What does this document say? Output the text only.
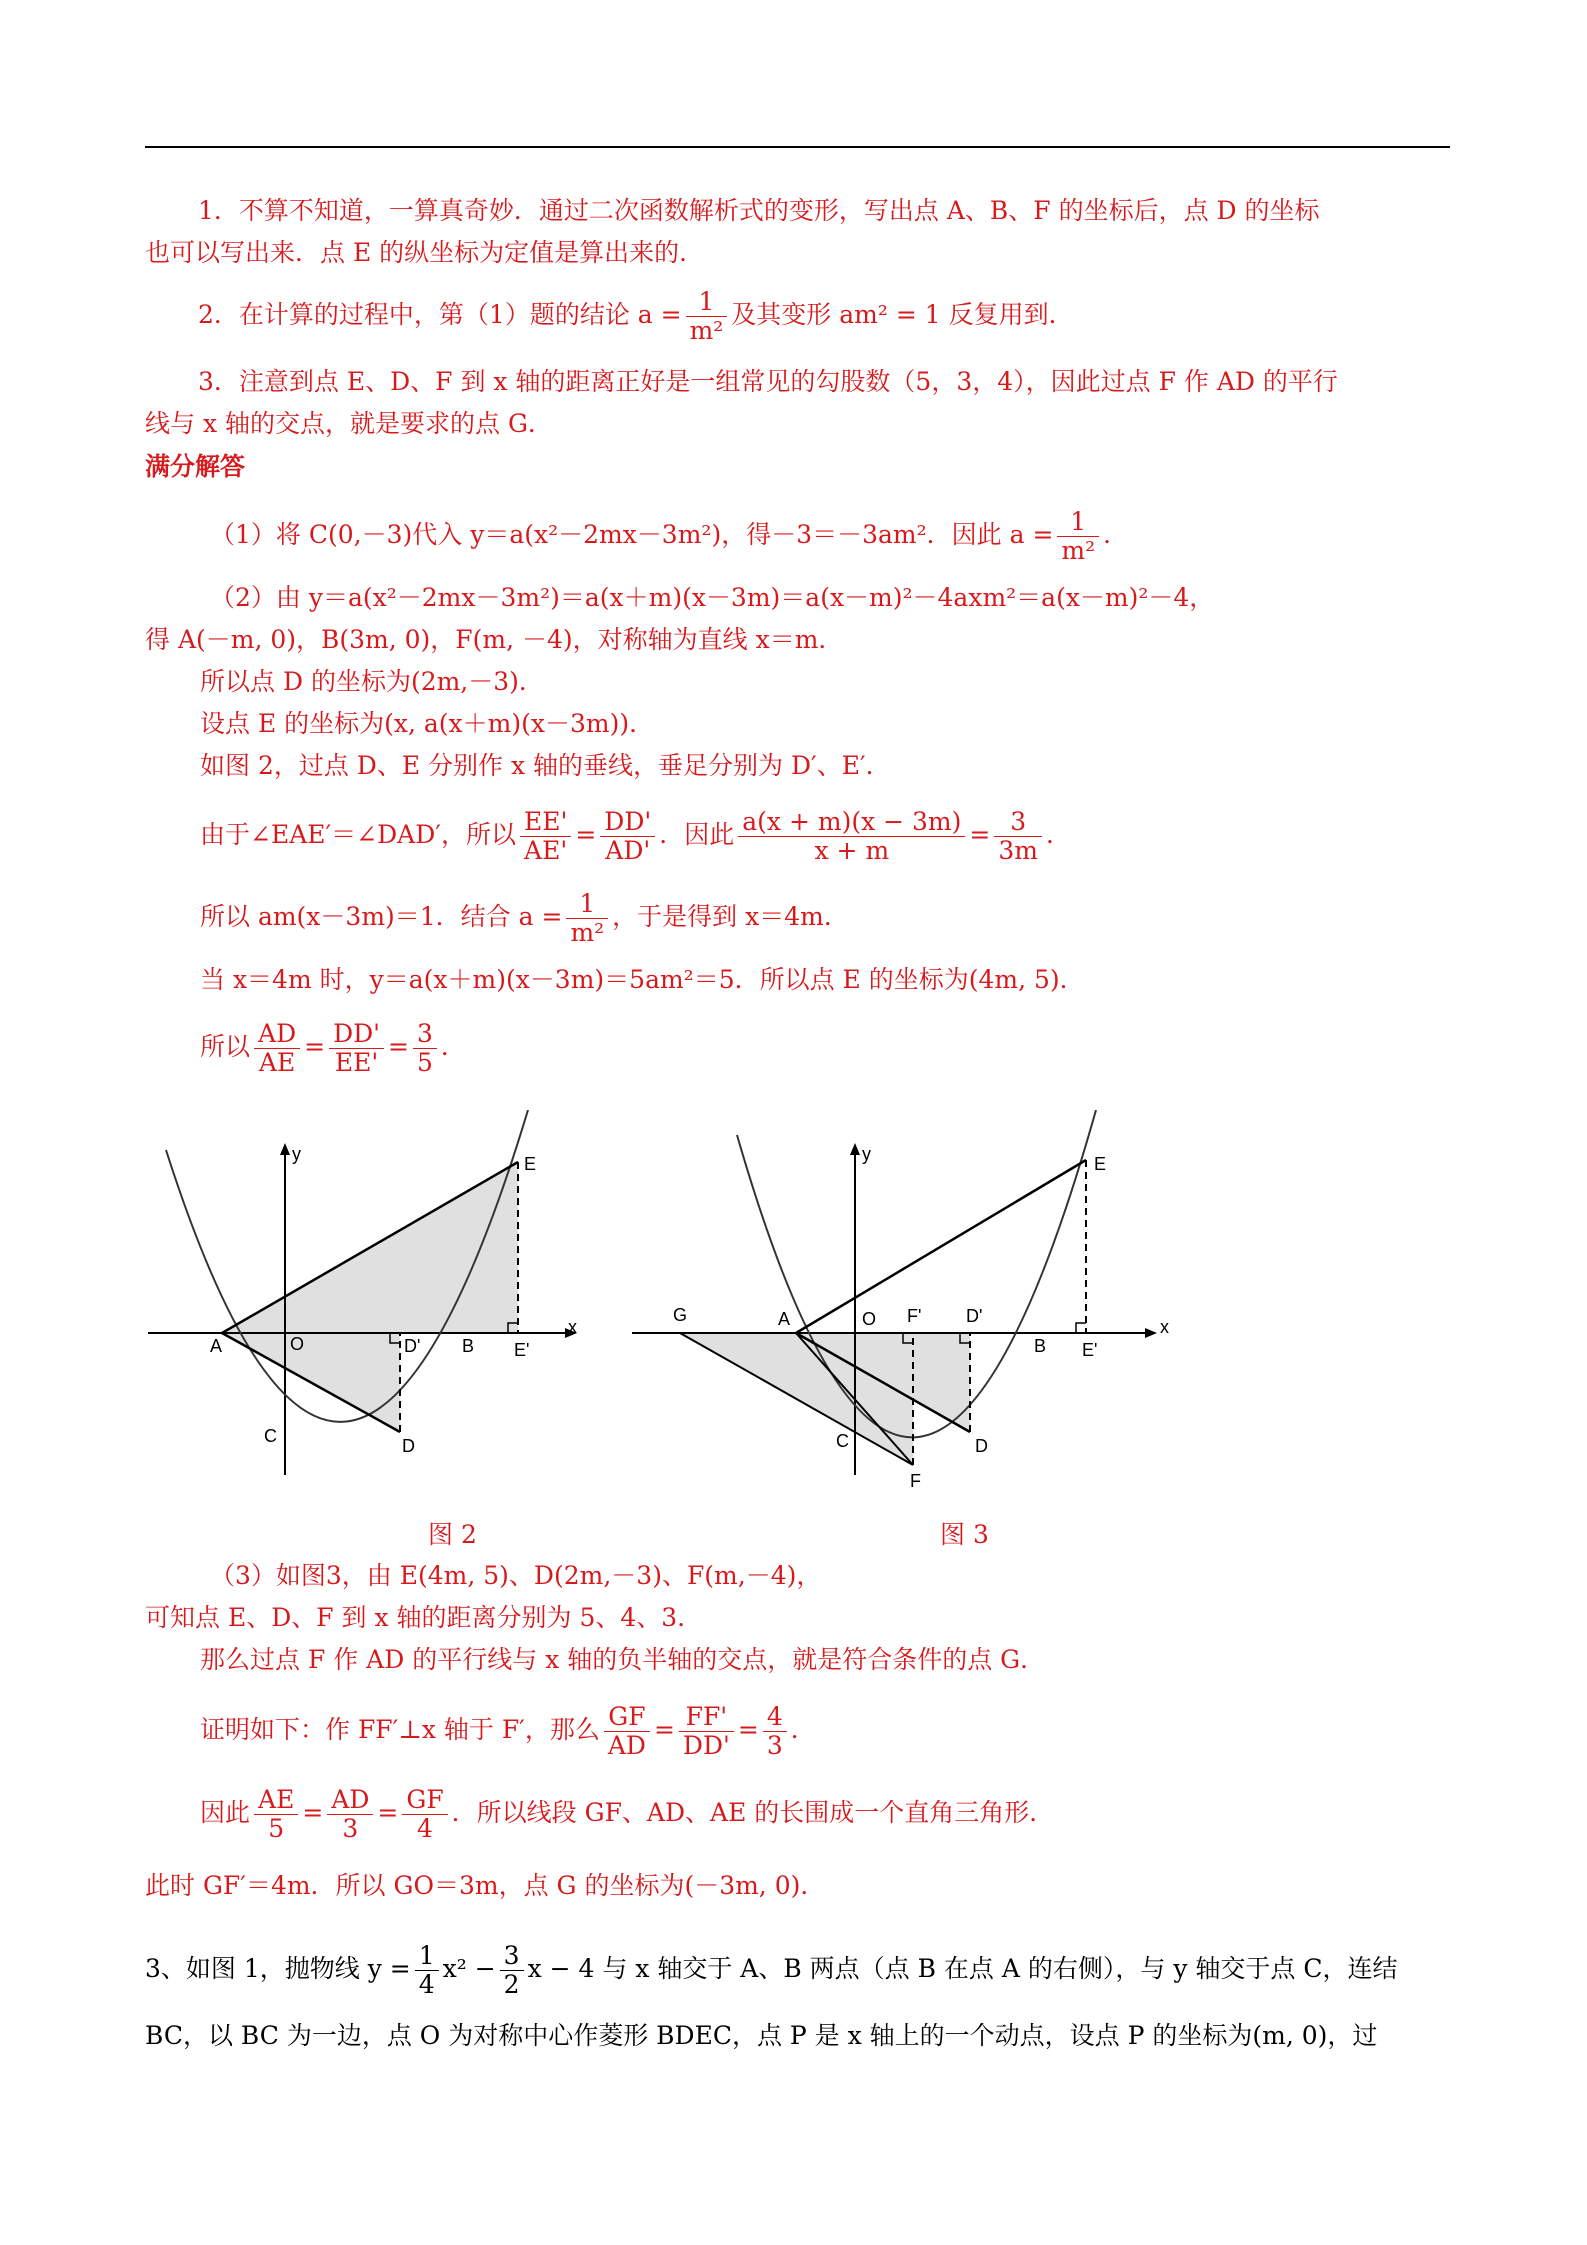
1．不算不知道，一算真奇妙．通过二次函数解析式的变形，写出点 A、B、F 的坐标后，点 D 的坐标
也可以写出来．点 E 的纵坐标为定值是算出来的．
2．在计算的过程中，第（1）题的结论 $a = \frac{1}{\text{m²}}$ 及其变形 am² = 1 反复用到．
3．注意到点 E、D、F 到 x 轴的距离正好是一组常见的勾股数（5，3，4），因此过点 F 作 AD 的平行
线与 x 轴的交点，就是要求的点 G．
满分解答
（1）将 C(0,－3)代入 y＝a(x²－2mx－3m²)，得－3＝－3am²．因此 $a = \frac{1}{\text{m²}}$ ．
（2）由 y＝a(x²－2mx－3m²)＝a(x＋m)(x－3m)＝a(x－m)²－4axm²＝a(x－m)²－4，
得 A(－m, 0)，B(3m, 0)，F(m, －4)，对称轴为直线 x＝m．
所以点 D 的坐标为(2m,－3)．
设点 E 的坐标为(x, a(x＋m)(x－3m))．
如图 2，过点 D、E 分别作 x 轴的垂线，垂足分别为 D′、E′．
由于∠EAE′＝∠DAD′，所以 $\frac{EE'}{AE'} = \frac{DD'}{AD'}$ ．因此 $\frac{a(x + m)(x - 3m)}{x + m} = \frac{3}{3m}$ ．
所以 am(x－3m)＝1．结合 $a = \frac{1}{\text{m²}}$ ，于是得到 x＝4m．
当 x＝4m 时，y＝a(x＋m)(x－3m)＝5am²＝5．所以点 E 的坐标为(4m, 5)．
所以 $\frac{AD}{AE} = \frac{DD'}{EE'} = \frac{3}{5}$ ．
y
x
A	O	B
C	D
D'
E
E'
y
x
G	A	O F' D'
B E'
E
C	D
F
图 2	图 3
（3）如图3，由 E(4m, 5)、D(2m,－3)、F(m,－4)，
可知点 E、D、F 到 x 轴的距离分别为 5、4、3．
那么过点 F 作 AD 的平行线与 x 轴的负半轴的交点，就是符合条件的点 G．
证明如下：作 FF′⊥x 轴于 F′，那么 $\frac{GF}{AD} = \frac{FF'}{DD'} = \frac{4}{3}$ ．
因此 $\frac{AE}{5} = \frac{AD}{3} = \frac{GF}{4}$ ．所以线段 GF、AD、AE 的长围成一个直角三角形．
此时 GF′＝4m．所以 GO＝3m，点 G 的坐标为(－3m, 0)．
3、如图 1，抛物线 $y = \frac{1}{4} x^2 - \frac{3}{2}$ x − 4 与 x 轴交于 A、B 两点（点 B 在点 A 的右侧），与 y 轴交于点 C，连结
BC，以 BC 为一边，点 O 为对称中心作菱形 BDEC，点 P 是 x 轴上的一个动点，设点 P 的坐标为(m, 0)，过
